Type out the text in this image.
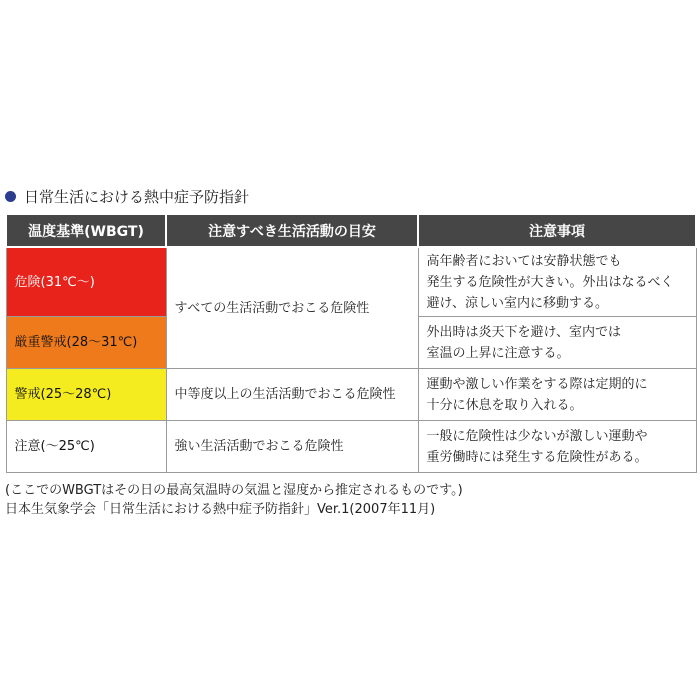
日常生活における熱中症予防指針
温度基準(WBGT)	注意すべき生活活動の目安	注意事項
危険(31℃〜)	すべての生活活動でおこる危険性	高年齢者においては安静状態でも
発生する危険性が大きい。外出はなるべく
避け、涼しい室内に移動する。

厳重警戒(28〜31℃)		外出時は炎天下を避け、室内では
室温の上昇に注意する。

警戒(25〜28℃)	中等度以上の生活活動でおこる危険性	運動や激しい作業をする際は定期的に
十分に休息を取り入れる。

注意(〜25℃)	強い生活活動でおこる危険性	一般に危険性は少ないが激しい運動や
重労働時には発生する危険性がある。
(ここでのWBGTはその日の最高気温時の気温と湿度から推定されるものです。)
日本生気象学会「日常生活における熱中症予防指針」Ver.1(2007年11月)
